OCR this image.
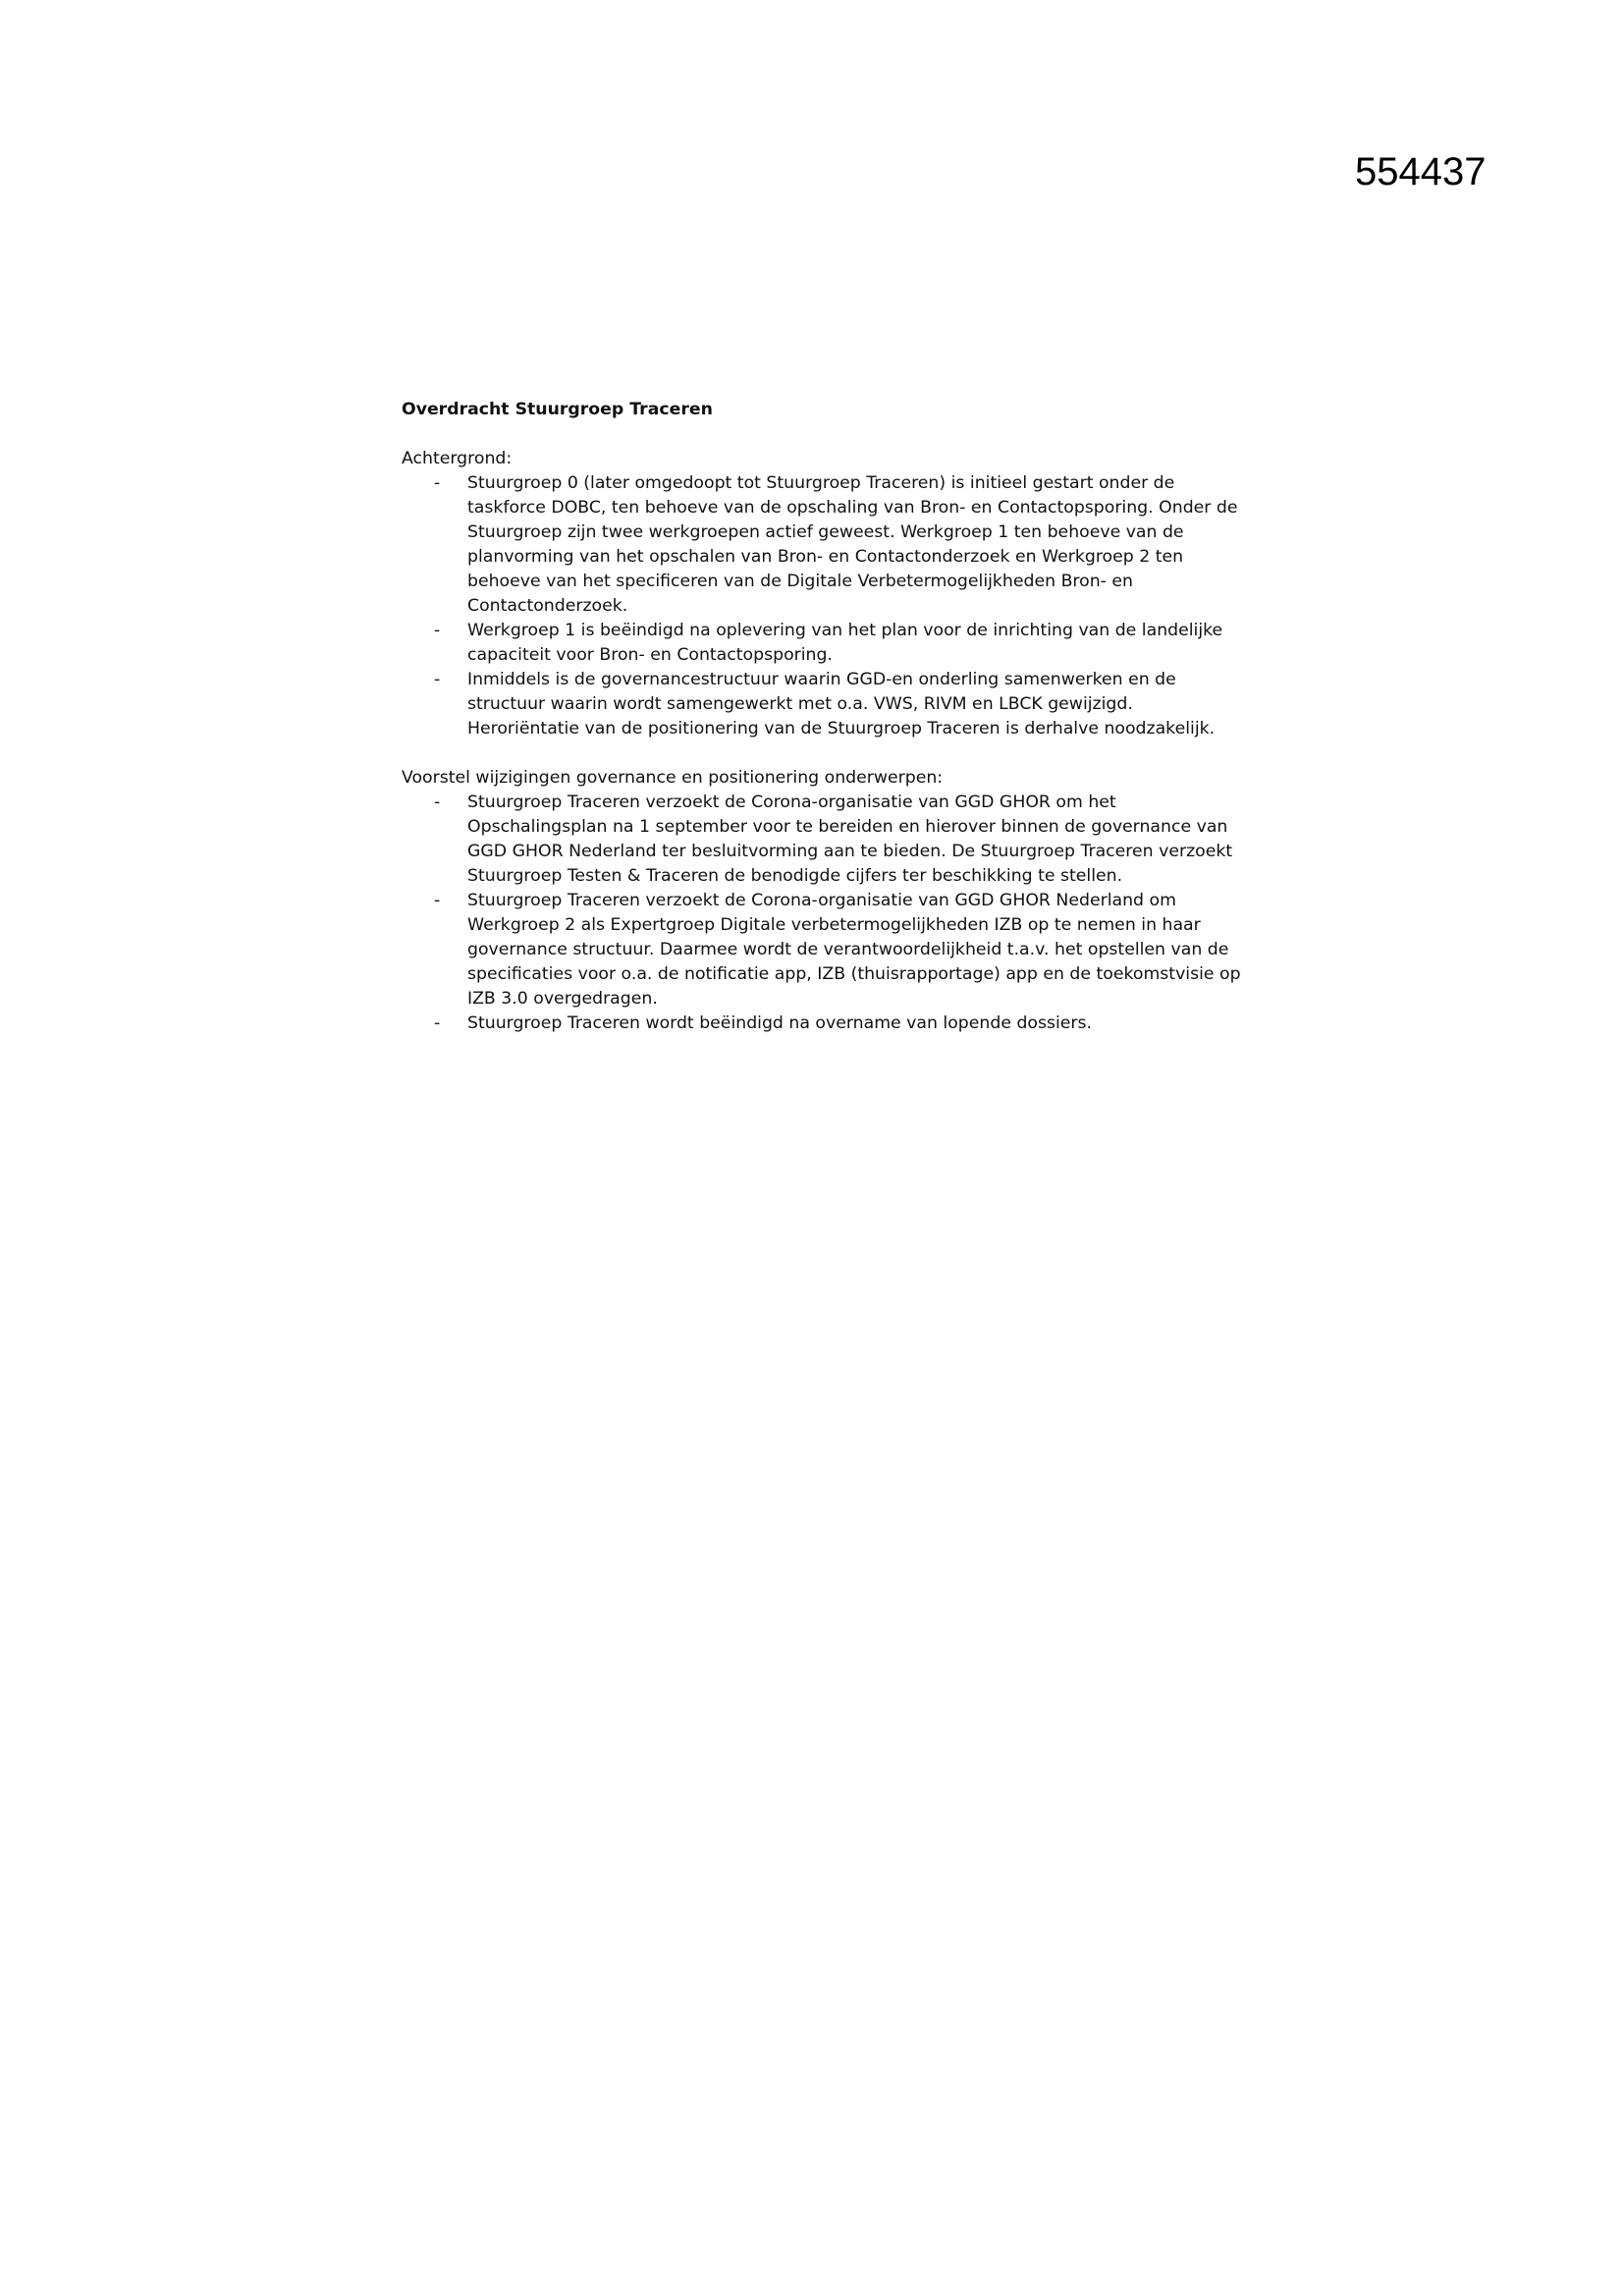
554437

Overdracht Stuurgroep Traceren

Achtergrond:

- Stuurgroep 0 (later omgedoopt tot Stuurgroep Traceren) is initieel gestart onder de taskforce DOBC, ten behoeve van de opschaling van Bron- en Contactopsporing. Onder de Stuurgroep zijn twee werkgroepen actief geweest. Werkgroep 1 ten behoeve van de planvorming van het opschalen van Bron- en Contactonderzoek en Werkgroep 2 ten behoeve van het specificeren van de Digitale Verbetermogelijkheden Bron- en Contactonderzoek.
- Werkgroep 1 is beëindigd na oplevering van het plan voor de inrichting van de landelijke capaciteit voor Bron- en Contactopsporing.
- Inmiddels is de governancestructuur waarin GGD-en onderling samenwerken en de structuur waarin wordt samengewerkt met o.a. VWS, RIVM en LBCK gewijzigd. Heroriëntatie van de positionering van de Stuurgroep Traceren is derhalve noodzakelijk.

Voorstel wijzigingen governance en positionering onderwerpen:

- Stuurgroep Traceren verzoekt de Corona-organisatie van GGD GHOR om het Opschalingsplan na 1 september voor te bereiden en hierover binnen de governance van GGD GHOR Nederland ter besluitvorming aan te bieden. De Stuurgroep Traceren verzoekt Stuurgroep Testen & Traceren de benodigde cijfers ter beschikking te stellen.
- Stuurgroep Traceren verzoekt de Corona-organisatie van GGD GHOR Nederland om Werkgroep 2 als Expertgroep Digitale verbetermogelijkheden IZB op te nemen in haar governance structuur. Daarmee wordt de verantwoordelijkheid t.a.v. het opstellen van de specificaties voor o.a. de notificatie app, IZB (thuisrapportage) app en de toekomstvisie op IZB 3.0 overgedragen.
- Stuurgroep Traceren wordt beëindigd na overname van lopende dossiers.
